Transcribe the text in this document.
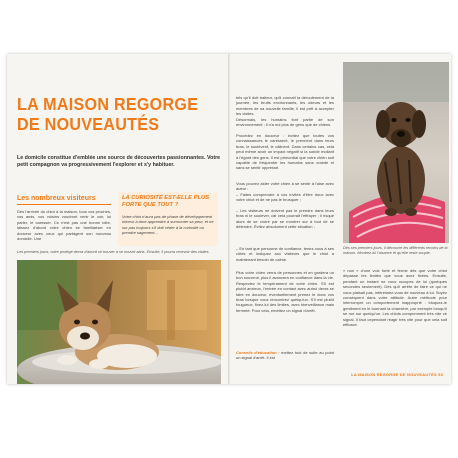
LA MAISON REGORGE DE NOUVEAUTÉS

Le domicile constitue d'emblée une source de découvertes passionnantes. Votre petit compagnon va progressivement l'explorer et s'y habituer.

Les nombreux visiteurs

Dès l'arrivée du chiot à la maison, tous vos proches, vos amis, vos voisins voudront venir le voir, lui parler, le caresser. Ce n'est pas une bonne idée, laissez d'abord votre chien se familiariser en douceur avec ceux qui partagent son nouveau domicile. Une

LA CURIOSITÉ EST-ELLE PLUS FORTE QUE TOUT ?

Votre chiot n'aura pas de phase de développement mineur à dont apprendre à surmonter sa peur, et ne sur pas toujours s'il doit céder à la curiosité ou prendre sagement...

Les premiers jours, votre protégé devra d'abord se trouver à se nouvel abris. Ensuite, il pourra recevoir des visites.

tels qu'il doit traiteur, qu'il connaît la déroulement de la journée, les bruits environnants, les odeurs et les membres de sa nouvelle famille, il est prêt à accepter les visites.

Désormais, les humains font partie de son environnement ; il n'a nul plus de gens que de chiens.

Procédez en douceur : invitez que toutes vos connaissances le caressent, le prennent dans leurs bras, le soulèvent, le câlinent. Dans certains cas, cela peut même avoir un impact négatif si la sonde mollarit à l'égard des gens. Il est primordial que votre chien soit capable de fréquenter les humains sans crainte et sans se sentir oppressé.

Vous pouvez aider votre chien à se sentir à l'aise avec autrui :

– Faites comprendre à vos invités d'être doux avec votre chiot et de ne pas le brusquer ;

– Les visiteurs ne doivent pas le prendre dans leurs bras ni le soulever, car cela pourrait l'effrayer ; il risque alors de se croire par se montrer sur à tout de se détendre. Évitez absolument cette situation ;

– En tant que personne de confiance, tenez-vous à ses côtés et indiquez aux visiteurs que le chiot a maintenant besoin de calme.

Plus votre chien verra de personnes et en gardera un bon souvenir, plus il avancera en confiance dans la vie. Respectez le tempérament de votre chien. S'il est plutôt anxieux, l'entrée en contact avec autrui devra se faire en douceur, éventuellement prenez le donc vos bras lorsque vous rencontrez quelqu'un. S'il est plutôt fougueux, fixez-lui des limites, avec bienveillance mais fermeté. Pour cela, emettez un signal d'arrêt.

Conseils d'éducation : mettez tout de suite au point un signal d'arrêt. Il est

Dès ses premiers jours, il découvre les différents recoins de la maison. Montrez-lui l'aisance et qu'elle reste souple.

« non » d'une voix forte et ferme dès que votre chiot dépasse les limites que vous avez fixées. Ensuite, pendant un instant ne vous occupez de lui (quelques secondes seulement). Dès qu'il arrête de faire ce qui ne vous plaisait pas, intéressez-vous de nouveau à lui. Soyez conséquent dans votre attitude. Autre méthode pour interrompre un comportement inapproprié : bloquez-le gentiment en le tournant la charnière, par exemple lorsqu'il se rue sur quelqu'un. Les chiots comprennent très vite ce signal. Il faut cependant réagir très vite pour que cela soit efficace.

LA MAISON REGORGE DE NOUVEAUTÉS 53
